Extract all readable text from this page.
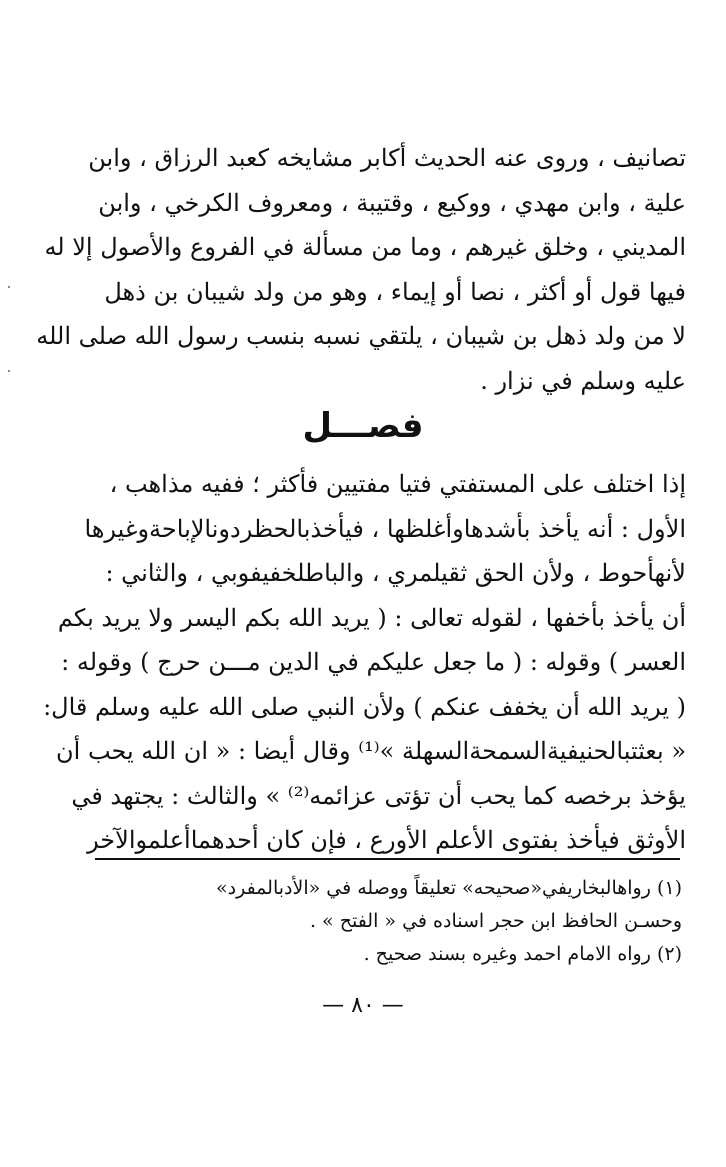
تصانيف ، وروى عنه الحديث أكابر مشايخه كعبد الرزاق ، وابن
علية ، وابن مهدي ، ووكيع ، وقتيبة ، ومعروف الكرخي ، وابن
المديني ، وخلق غيرهم ، وما من مسألة في الفروع والأصول إلا له
فيها قول أو أكثر ، نصا أو إيماء ، وهو من ولد شيبان بن ذهل
لا من ولد ذهل بن شيبان ، يلتقي نسبه بنسب رسول الله صلى الله
عليه وسلم في نزار .
فصـــل
إذا اختلف على المستفتي فتيا مفتيين فأكثر ؛ ففيه مذاهب ،
الأول : أنه يأخذ بأشدهاوأغلظها ، فيأخذبالحظردونالإباحةوغيرها
لأنهأحوط ، ولأن الحق ثقيلمري ، والباطلخفيفوبي ، والثاني :
أن يأخذ بأخفها ، لقوله تعالى : ( يريد الله بكم اليسر ولا يريد بكم
العسر ) وقوله : ( ما جعل عليكم في الدين مـــن حرج ) وقوله :
( يريد الله أن يخفف عنكم ) ولأن النبي صلى الله عليه وسلم قال:
« بعثتبالحنيفيةالسمحةالسهلة »⁽¹⁾ وقال أيضا : « ان الله يحب أن
يؤخذ برخصه كما يحب أن تؤتى عزائمه⁽²⁾ » والثالث : يجتهد في
الأوثق فيأخذ بفتوى الأعلم الأورع ، فإن كان أحدهماأعلموالآخر
(١) رواهالبخاريفي«صحيحه» تعليقاً ووصله في «الأدبالمفرد»
وحسـن الحافظ ابن حجر اسناده في « الفتح » .
(٢) رواه الامام احمد وغيره بسند صحيح .
— ٨٠ —
